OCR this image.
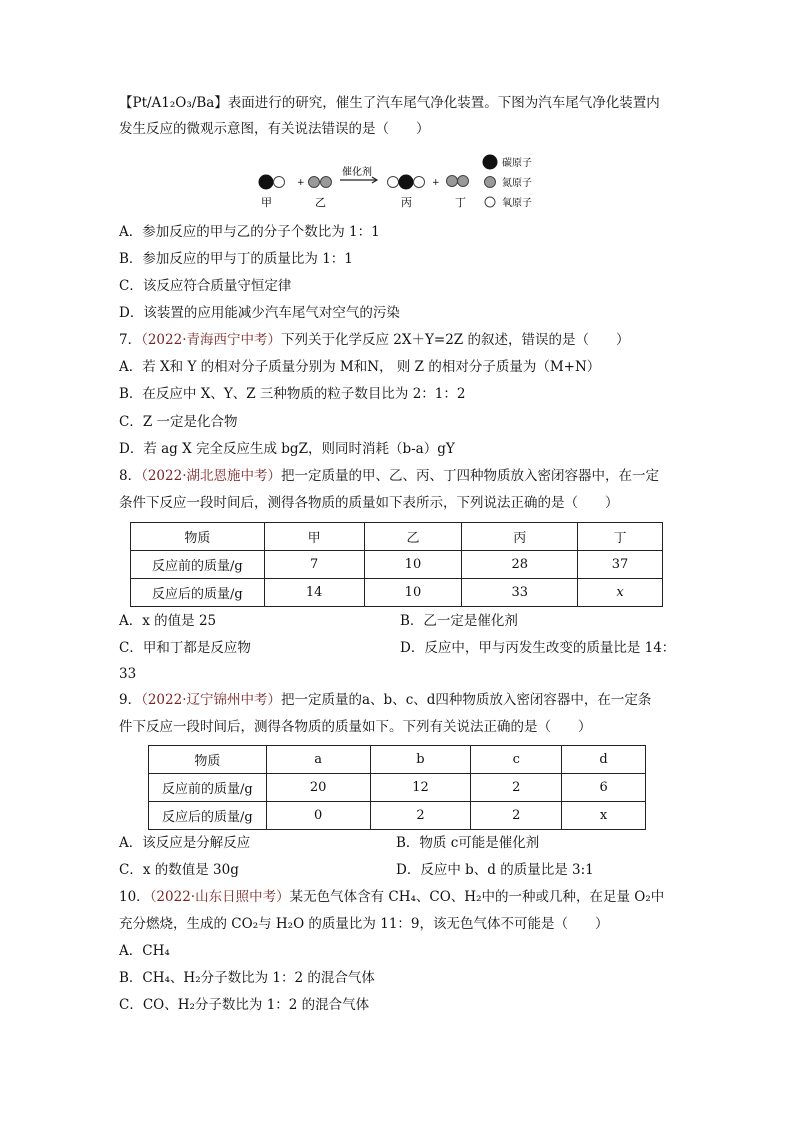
【Pt/A1₂O₃/Ba】表面进行的研究，催生了汽车尾气净化装置。下图为汽车尾气净化装置内
发生反应的微观示意图，有关说法错误的是（　　）
+
催化剂
+
甲	乙	丙	丁
碳原子
氮原子
氧原子
A．参加反应的甲与乙的分子个数比为 1：1
B．参加反应的甲与丁的质量比为 1：1
C．该反应符合质量守恒定律
D．该装置的应用能减少汽车尾气对空气的污染
7．（2022·青海西宁中考）下列关于化学反应 2X＋Y=2Z 的叙述，错误的是（　　）
A．若 X和 Y 的相对分子质量分别为 M和N， 则 Z 的相对分子质量为（M+N）
B．在反应中 X、Y、Z 三种物质的粒子数目比为 2：1：2
C．Z 一定是化合物
D．若 ag X 完全反应生成 bgZ，则同时消耗（b-a）gY
8．（2022·湖北恩施中考）把一定质量的甲、乙、丙、丁四种物质放入密闭容器中，在一定
条件下反应一段时间后，测得各物质的质量如下表所示，下列说法正确的是（　　）
物质	甲	乙	丙	丁
反应前的质量/g	7	10	28	37
反应后的质量/g	14	10	33	x
A．x 的值是 25	B．乙一定是催化剂
C．甲和丁都是反应物	D．反应中，甲与丙发生改变的质量比是 14：
33
9．（2022·辽宁锦州中考）把一定质量的a、b、c、d四种物质放入密闭容器中，在一定条
件下反应一段时间后，测得各物质的质量如下。下列有关说法正确的是（　　）
物质	a	b	c	d
反应前的质量/g	20	12	2	6
反应后的质量/g	0	2	2	x
A．该反应是分解反应	B．物质 c可能是催化剂
C．x 的数值是 30g	D．反应中 b、d 的质量比是 3:1
10．（2022·山东日照中考）某无色气体含有 CH₄、CO、H₂中的一种或几种，在足量 O₂中
充分燃烧，生成的 CO₂与 H₂O 的质量比为 11：9，该无色气体不可能是（　　）
A．CH₄
B．CH₄、H₂分子数比为 1：2 的混合气体
C．CO、H₂分子数比为 1：2 的混合气体
